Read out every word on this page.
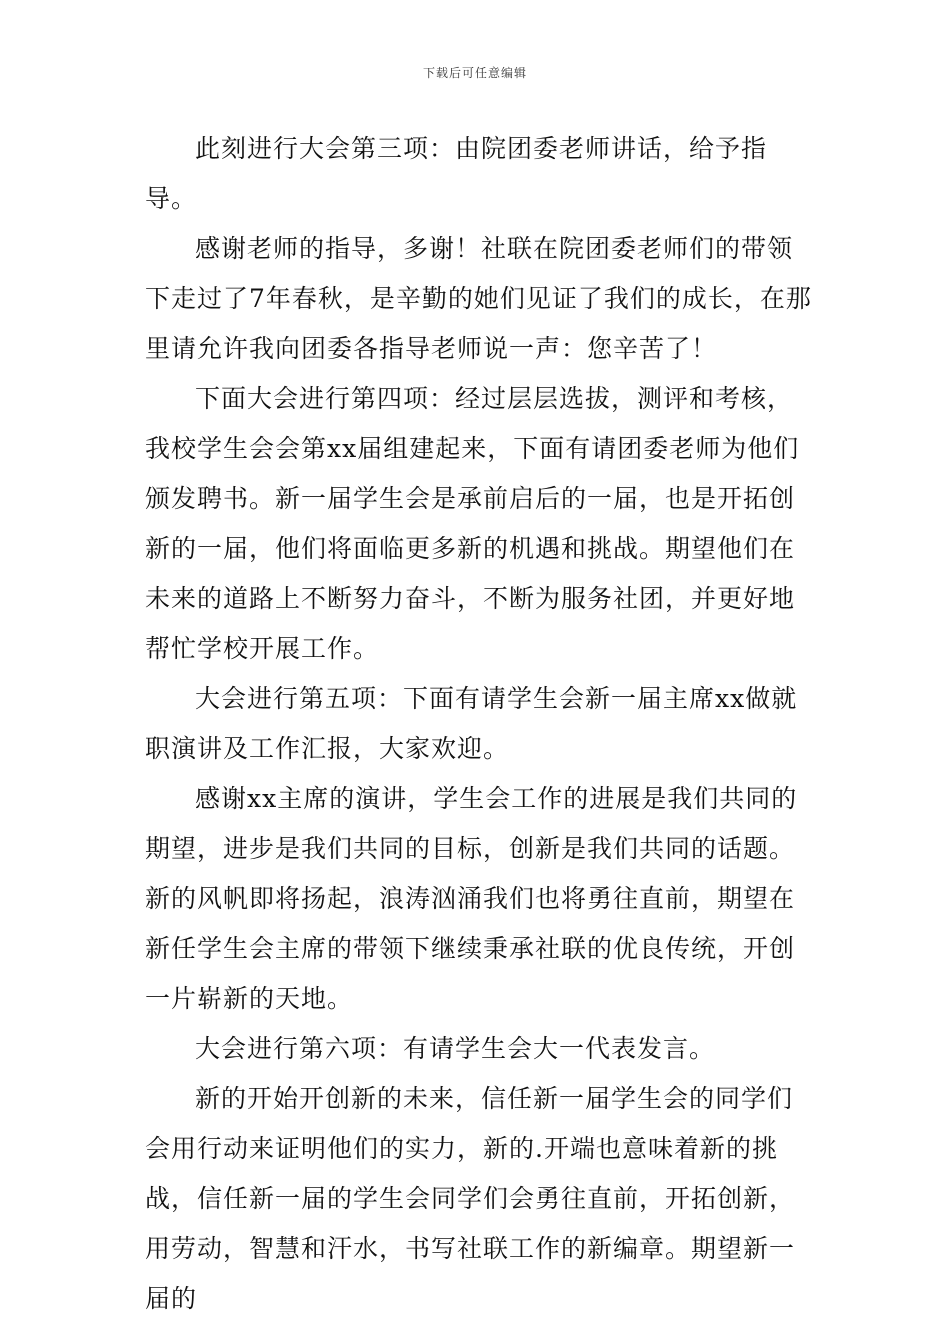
下载后可任意编辑

此刻进行大会第三项：由院团委老师讲话，给予指导。

感谢老师的指导，多谢！社联在院团委老师们的带领下走过了7年春秋，是辛勤的她们见证了我们的成长，在那里请允许我向团委各指导老师说一声：您辛苦了！

下面大会进行第四项：经过层层选拔，测评和考核，我校学生会会第xx届组建起来，下面有请团委老师为他们颁发聘书。新一届学生会是承前启后的一届，也是开拓创新的一届，他们将面临更多新的机遇和挑战。期望他们在未来的道路上不断努力奋斗，不断为服务社团，并更好地帮忙学校开展工作。

大会进行第五项：下面有请学生会新一届主席xx做就职演讲及工作汇报，大家欢迎。

感谢xx主席的演讲，学生会工作的进展是我们共同的期望，进步是我们共同的目标，创新是我们共同的话题。新的风帆即将扬起，浪涛汹涌我们也将勇往直前，期望在新任学生会主席的带领下继续秉承社联的优良传统，开创一片崭新的天地。

大会进行第六项：有请学生会大一代表发言。

新的开始开创新的未来，信任新一届学生会的同学们会用行动来证明他们的实力，新的.开端也意味着新的挑战，信任新一届的学生会同学们会勇往直前，开拓创新，用劳动，智慧和汗水，书写社联工作的新编章。期望新一届的
